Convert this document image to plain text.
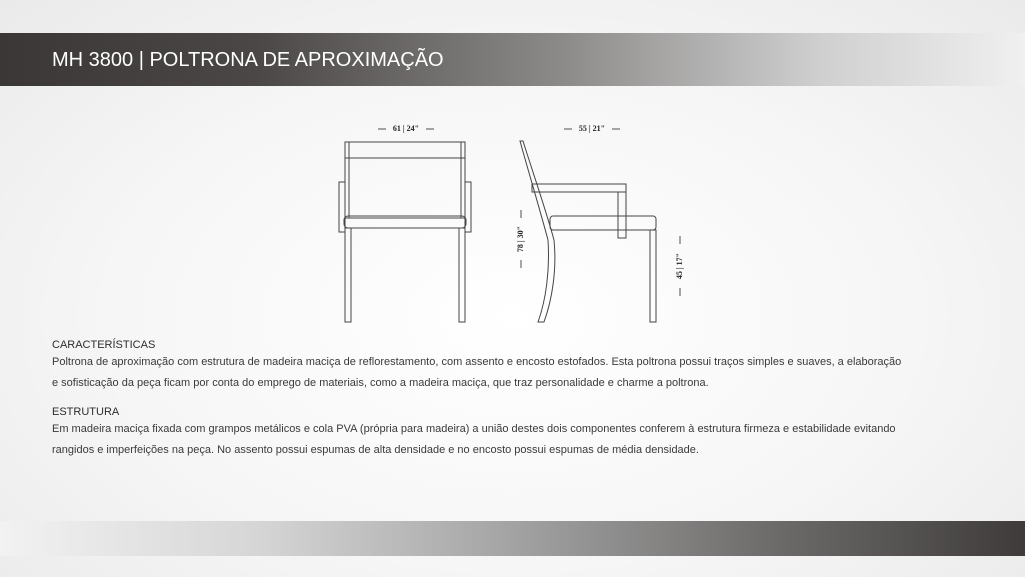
MH 3800 | POLTRONA DE APROXIMAÇÃO
61 | 24"	55 | 21"
78 | 30"
45 | 17"

CARACTERÍSTICAS

Poltrona de aproximação com estrutura de madeira maciça de reflorestamento, com assento e encosto estofados. Esta poltrona possui traços simples e suaves, a elaboração

e sofisticação da peça ficam por conta do emprego de materiais, como a madeira maciça, que traz personalidade e charme a poltrona.

ESTRUTURA

Em madeira maciça fixada com grampos metálicos e cola PVA (própria para madeira) a união destes dois componentes conferem à estrutura firmeza e estabilidade evitando

rangidos e imperfeições na peça. No assento possui espumas de alta densidade e no encosto possui espumas de média densidade.
